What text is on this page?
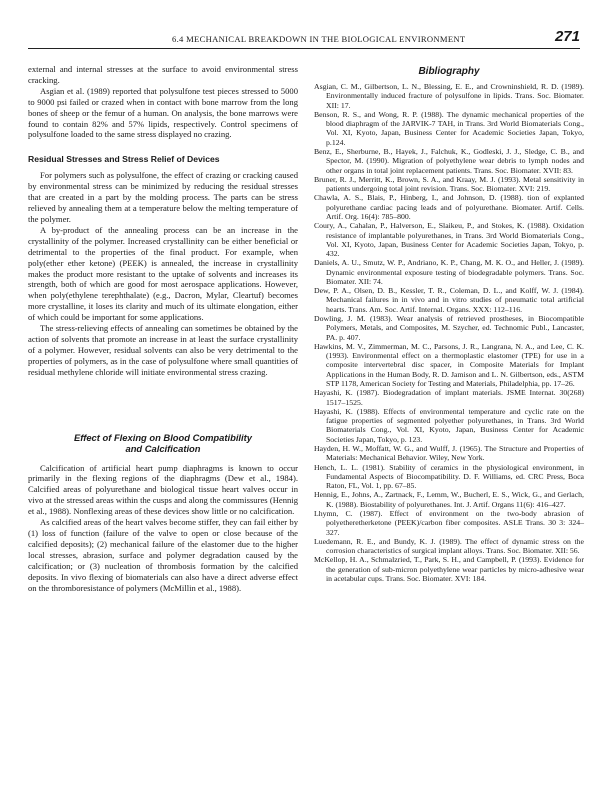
6.4 MECHANICAL BREAKDOWN IN THE BIOLOGICAL ENVIRONMENT	271

external and internal stresses at the surface to avoid environmental stress cracking.

Asgian et al. (1989) reported that polysulfone test pieces stressed to 5000 to 9000 psi failed or crazed when in contact with bone marrow from the long bones of sheep or the femur of a human. On analysis, the bone marrows were found to contain 82% and 57% lipids, respectively. Control specimens of polysulfone loaded to the same stress displayed no crazing.

Residual Stresses and Stress Relief of Devices

For polymers such as polysulfone, the effect of crazing or cracking caused by environmental stress can be minimized by reducing the residual stresses that are created in a part by the molding process. The parts can be stress relieved by annealing them at a temperature below the melting temperature of the polymer.

A by-product of the annealing process can be an increase in the crystallinity of the polymer. Increased crystallinity can be either beneficial or detrimental to the properties of the final product. For example, when poly(ether ether ketone) (PEEK) is annealed, the increase in crystallinity makes the product more resistant to the uptake of solvents and increases its strength, both of which are good for most aerospace applications. However, when poly(ethylene terephthalate) (e.g., Dacron, Mylar, Cleartuf) becomes more crystalline, it loses its clarity and much of its ultimate elongation, either of which could be important for some applications.

The stress-relieving effects of annealing can sometimes be obtained by the action of solvents that promote an increase in at least the surface crystallinity of a polymer. However, residual solvents can also be very detrimental to the properties of polymers, as in the case of polysulfone where small quantities of residual methylene chloride will initiate environmental stress crazing.

Effect of Flexing on Blood Compatibility
and Calcification

Calcification of artificial heart pump diaphragms is known to occur primarily in the flexing regions of the diaphragms (Dew et al., 1984). Calcified areas of polyurethane and biological tissue heart valves occur in vivo at the stressed areas within the cusps and along the commissures (Hennig et al., 1988). Nonflexing areas of these devices show little or no calcification.

As calcified areas of the heart valves become stiffer, they can fail either by (1) loss of function (failure of the valve to open or close because of the calcified deposits); (2) mechanical failure of the elastomer due to the higher local stresses, abrasion, surface and polymer degradation caused by the calcification; or (3) nucleation of thrombosis formation by the calcified deposits. In vivo flexing of biomaterials can also have a direct adverse effect on the thromboresistance of polymers (McMillin et al., 1988).

Bibliography

Asgian, C. M., Gilbertson, L. N., Blessing, E. E., and Crowninshield, R. D. (1989). Environmentally induced fracture of polysulfone in lipids. Trans. Soc. Biomater. XII: 17.

Benson, R. S., and Wong, R. P. (1988). The dynamic mechanical properties of the blood diaphragm of the JARVIK-7 TAH, in Trans. 3rd World Biomaterials Cong., Vol. XI, Kyoto, Japan, Business Center for Academic Societies Japan, Tokyo, p.124.

Benz, E., Sherburne, B., Hayek, J., Falchuk, K., Godleski, J. J., Sledge, C. B., and Spector, M. (1990). Migration of polyethylene wear debris to lymph nodes and other organs in total joint replacement patients. Trans. Soc. Biomater. XVII: 83.

Bruner, R. J., Merritt, K., Brown, S. A., and Kraay, M. J. (1993). Metal sensitivity in patients undergoing total joint revision. Trans. Soc. Biomater. XVI: 219.

Chawla, A. S., Blais, P., Hinberg, I., and Johnson, D. (1988). tion of explanted polyurethane cardiac pacing leads and of polyurethane. Biomater. Artif. Cells. Artif. Org. 16(4): 785–800.

Coury, A., Cahalan, P., Halverson, E., Slaikeu, P., and Stokes, K. (1988). Oxidation resistance of implantable polyurethanes, in Trans. 3rd World Biomaterials Cong., Vol. XI, Kyoto, Japan, Business Center for Academic Societies Japan, Tokyo, p. 432.

Daniels, A. U., Smutz, W. P., Andriano, K. P., Chang, M. K. O., and Heller, J. (1989). Dynamic environmental exposure testing of biodegradable polymers. Trans. Soc. Biomater. XII: 74.

Dew, P. A., Olsen, D. B., Kessler, T. R., Coleman, D. L., and Kolff, W. J. (1984). Mechanical failures in in vivo and in vitro studies of pneumatic total artificial hearts. Trans. Am. Soc. Artif. Internal. Organs. XXX: 112–116.

Dowling, J. M. (1983). Wear analysis of retrieved prostheses, in Biocompatible Polymers, Metals, and Composites, M. Szycher, ed. Technomic Publ., Lancaster, PA. p. 407.

Hawkins, M. V., Zimmerman, M. C., Parsons, J. R., Langrana, N. A., and Lee, C. K. (1993). Environmental effect on a thermoplastic elastomer (TPE) for use in a composite intervertebral disc spacer, in Composite Materials for Implant Applications in the Human Body, R. D. Jamison and L. N. Gilbertson, eds., ASTM STP 1178, American Society for Testing and Materials, Philadelphia, pp. 17–26.

Hayashi, K. (1987). Biodegradation of implant materials. JSME Internat. 30(268) 1517–1525.

Hayashi, K. (1988). Effects of environmental temperature and cyclic rate on the fatigue properties of segmented polyether polyurethanes, in Trans. 3rd World Biomaterials Cong., Vol. XI, Kyoto, Japan, Business Center for Academic Societies Japan, Tokyo, p. 123.

Hayden, H. W., Moffatt, W. G., and Wulff, J. (1965). The Structure and Properties of Materials: Mechanical Behavior. Wiley, New York.

Hench, L. L. (1981). Stability of ceramics in the physiological environment, in Fundamental Aspects of Biocompatibility. D. F. Williams, ed. CRC Press, Boca Raton, FL, Vol. 1, pp. 67–85.

Hennig, E., Johns, A., Zartnack, F., Lemm, W., Bucherl, E. S., Wick, G., and Gerlach, K. (1988). Biostability of polyurethanes. Int. J. Artif. Organs 11(6): 416–427.

Lhymn, C. (1987). Effect of environment on the two-body abrasion of polyetheretherketone (PEEK)/carbon fiber composites. ASLE Trans. 30 3: 324–327.

Luedemann, R. E., and Bundy, K. J. (1989). The effect of dynamic stress on the corrosion characteristics of surgical implant alloys. Trans. Soc. Biomater. XII: 56.

McKellop, H. A., Schmalzried, T., Park, S. H., and Campbell, P. (1993). Evidence for the generation of sub-micron polyethylene wear particles by micro-adhesive wear in acetabular cups. Trans. Soc. Biomater. XVI: 184.
